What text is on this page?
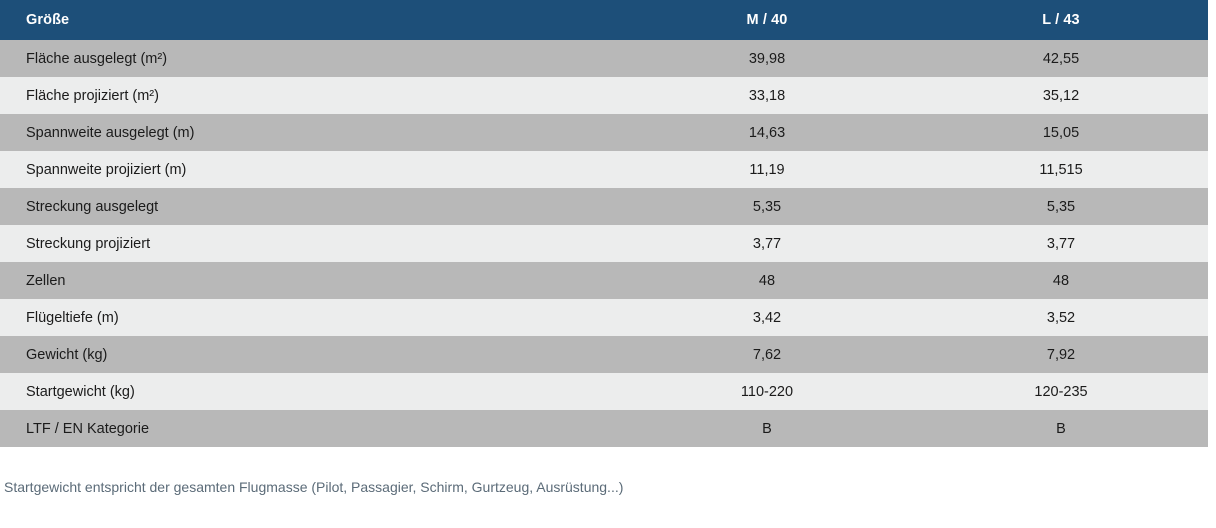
Größe	M / 40	L / 43
Fläche ausgelegt (m²)	39,98	42,55
Fläche projiziert (m²)	33,18	35,12
Spannweite ausgelegt (m)	14,63	15,05
Spannweite projiziert (m)	11,19	11,515
Streckung ausgelegt	5,35	5,35
Streckung projiziert	3,77	3,77
Zellen	48	48
Flügeltiefe (m)	3,42	3,52
Gewicht (kg)	7,62	7,92
Startgewicht (kg)	110-220	120-235
LTF / EN Kategorie	B	B
Startgewicht entspricht der gesamten Flugmasse (Pilot, Passagier, Schirm, Gurtzeug, Ausrüstung...)
